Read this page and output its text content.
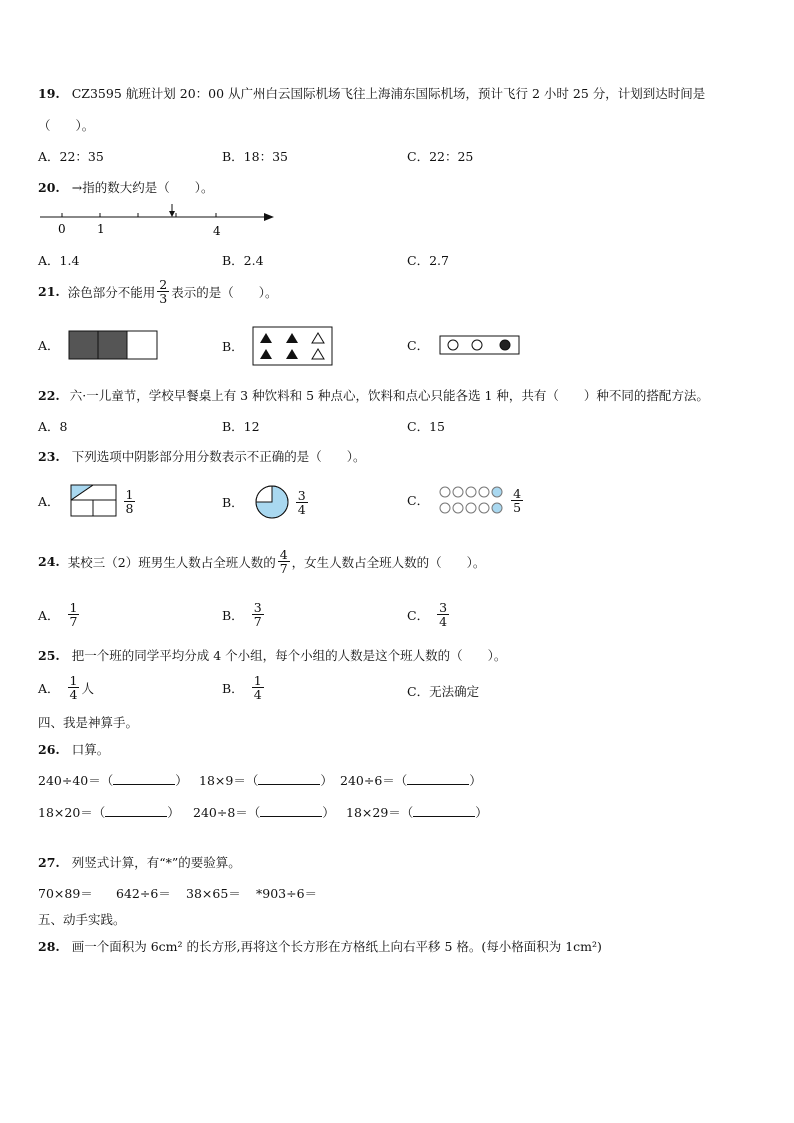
19. CZ3595 航班计划 20：00 从广州白云国际机场飞往上海浦东国际机场，预计飞行 2 小时 25 分，计划到达时间是
（　　）。
A．22：35	B．18：35	C．22：25
20. →指的数大约是（　　）。
0	1	4
A．1.4	B．2.4	C．2.7
21. 涂色部分不能用 $\frac{2}{3}$ 表示的是（　　）。
A．	B．	C．
22. 六·一儿童节，学校早餐桌上有 3 种饮料和 5 种点心，饮料和点心只能各选 1 种，共有（　　）种不同的搭配方法。
A．8	B．12	C．15
23. 下列选项中阴影部分用分数表示不正确的是（　　）。
A．	$\frac{1}{8}$	B．	$\frac{3}{4}$	C．	$\frac{4}{5}$
24. 某校三（2）班男生人数占全班人数的 $\frac{4}{7}$ ，女生人数占全班人数的（　　）。
A． $\frac{1}{7}$	B． $\frac{3}{7}$	C． $\frac{3}{4}$
25. 把一个班的同学平均分成 4 个小组，每个小组的人数是这个班人数的（　　）。
A． $\frac{1}{4}$ 人	B． $\frac{1}{4}$	C．无法确定
四、我是神算手。
26. 口算。
240÷40＝（	） 18×9＝（	） 240÷6＝（	）
18×20＝（	） 240÷8＝（	） 18×29＝（	）
27. 列竖式计算，有“*”的要验算。
70×89＝ 642÷6＝ 38×65＝ *903÷6＝
五、动手实践。
28. 画一个面积为 6cm² 的长方形,再将这个长方形在方格纸上向右平移 5 格。(每小格面积为 1cm²)
